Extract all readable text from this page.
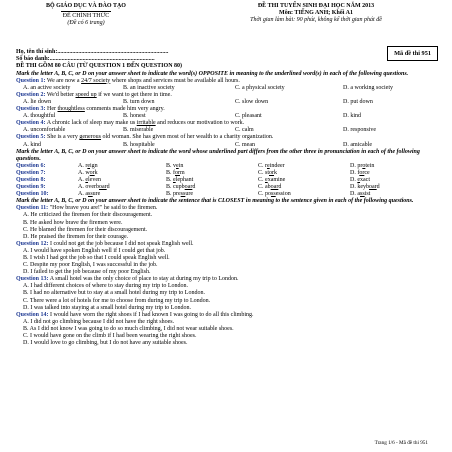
BỘ GIÁO DỤC VÀ ĐÀO TẠO
ĐỀ CHÍNH THỨC
(Đề có 6 trang)
ĐỀ THI TUYỂN SINH ĐẠI HỌC NĂM 2013
Môn: TIẾNG ANH; Khối A1
Thời gian làm bài: 90 phút, không kể thời gian phát đề
Mã đề thi 951
Họ, tên thí sinh:..........................................................................
Số báo danh:......................................................................
ĐỀ THI GỒM 80 CÂU (TỪ QUESTION 1 ĐẾN QUESTION 80)
Mark the letter A, B, C, or D on your answer sheet to indicate the word(s) OPPOSITE in meaning to the underlined word(s) in each of the following questions.
Question 1: We are now a 24/7 society where shops and services must be available all hours.
A. an active society	B. an inactive society	C. a physical society	D. a working society
Question 2: We'd better speed up if we want to get there in time.
A. lie down	B. turn down	C. slow down	D. put down
Question 3: Her thoughtless comments made him very angry.
A. thoughtful	B. honest	C. pleasant	D. kind
Question 4: A chronic lack of sleep may make us irritable and reduces our motivation to work.
A. uncomfortable	B. miserable	C. calm	D. responsive
Question 5: She is a very generous old woman. She has given most of her wealth to a charity organization.
A. kind	B. hospitable	C. mean	D. amicable
Mark the letter A, B, C, or D on your answer sheet to indicate the word whose underlined part differs from the other three in pronunciation in each of the following questions.
Question 6:	A. reign	B. vein	C. reindeer	D. protein
Question 7:	A. work	B. form	C. stork	D. force
Question 8:	A. eleven	B. elephant	C. examine	D. exact
Question 9:	A. overboard	B. cupboard	C. aboard	D. keyboard
Question 10:	A. assure	B. pressure	C. possession	D. assist
Mark the letter A, B, C, or D on your answer sheet to indicate the sentence that is CLOSEST in meaning to the sentence given in each of the following questions.
Question 11: "How brave you are!" he said to the firemen.
A. He criticized the firemen for their discouragement.
B. He asked how brave the firemen were.
C. He blamed the firemen for their discouragement.
D. He praised the firemen for their courage.
Question 12: I could not get the job because I did not speak English well.
A. I would have spoken English well if I could get that job.
B. I wish I had got the job so that I could speak English well.
C. Despite my poor English, I was successful in the job.
D. I failed to get the job because of my poor English.
Question 13: A small hotel was the only choice of place to stay at during my trip to London.
A. I had different choices of where to stay during my trip to London.
B. I had no alternative but to stay at a small hotel during my trip to London.
C. There were a lot of hotels for me to choose from during my trip to London.
D. I was talked into staying at a small hotel during my trip to London.
Question 14: I would have worn the right shoes if I had known I was going to do all this climbing.
A. I did not go climbing because I did not have the right shoes.
B. As I did not know I was going to do so much climbing, I did not wear suitable shoes.
C. I would have gone on the climb if I had been wearing the right shoes.
D. I would love to go climbing, but I do not have any suitable shoes.
Trang 1/6 - Mã đề thi 951
